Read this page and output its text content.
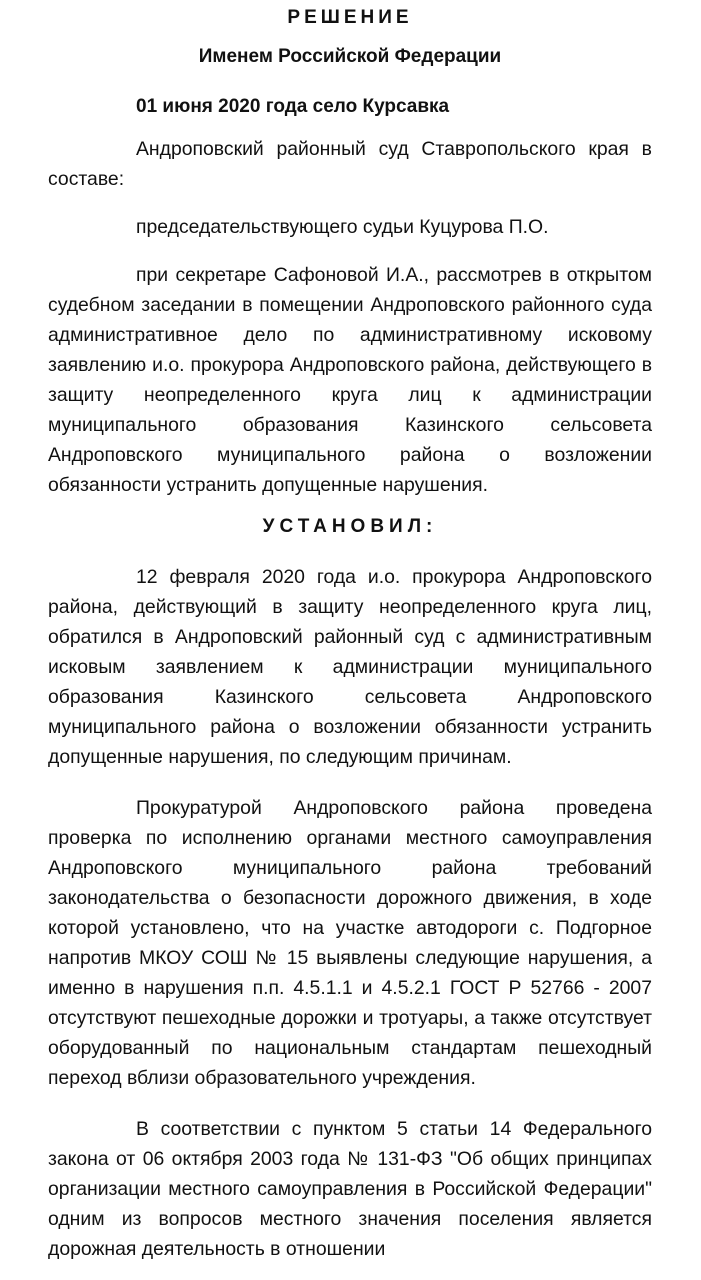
РЕШЕНИЕ
Именем Российской Федерации
01 июня 2020 года село Курсавка

Андроповский районный суд Ставропольского края в составе:

председательствующего судьи Куцурова П.О.

при секретаре Сафоновой И.А., рассмотрев в открытом судебном заседании в помещении Андроповского районного суда административное дело по административному исковому заявлению и.о. прокурора Андроповского района, действующего в защиту неопределенного круга лиц к администрации муниципального образования Казинского сельсовета Андроповского муниципального района о возложении обязанности устранить допущенные нарушения.

УСТАНОВИЛ:

12 февраля 2020 года и.о. прокурора Андроповского района, действующий в защиту неопределенного круга лиц, обратился в Андроповский районный суд с административным исковым заявлением к администрации муниципального образования Казинского сельсовета Андроповского муниципального района о возложении обязанности устранить допущенные нарушения, по следующим причинам.

Прокуратурой Андроповского района проведена проверка по исполнению органами местного самоуправления Андроповского муниципального района требований законодательства о безопасности дорожного движения, в ходе которой установлено, что на участке автодороги с. Подгорное напротив МКОУ СОШ № 15 выявлены следующие нарушения, а именно в нарушения п.п. 4.5.1.1 и 4.5.2.1 ГОСТ Р 52766 - 2007 отсутствуют пешеходные дорожки и тротуары, а также отсутствует оборудованный по национальным стандартам пешеходный переход вблизи образовательного учреждения.

В соответствии с пунктом 5 статьи 14 Федерального закона от 06 октября 2003 года № 131-ФЗ "Об общих принципах организации местного самоуправления в Российской Федерации" одним из вопросов местного значения поселения является дорожная деятельность в отношении
